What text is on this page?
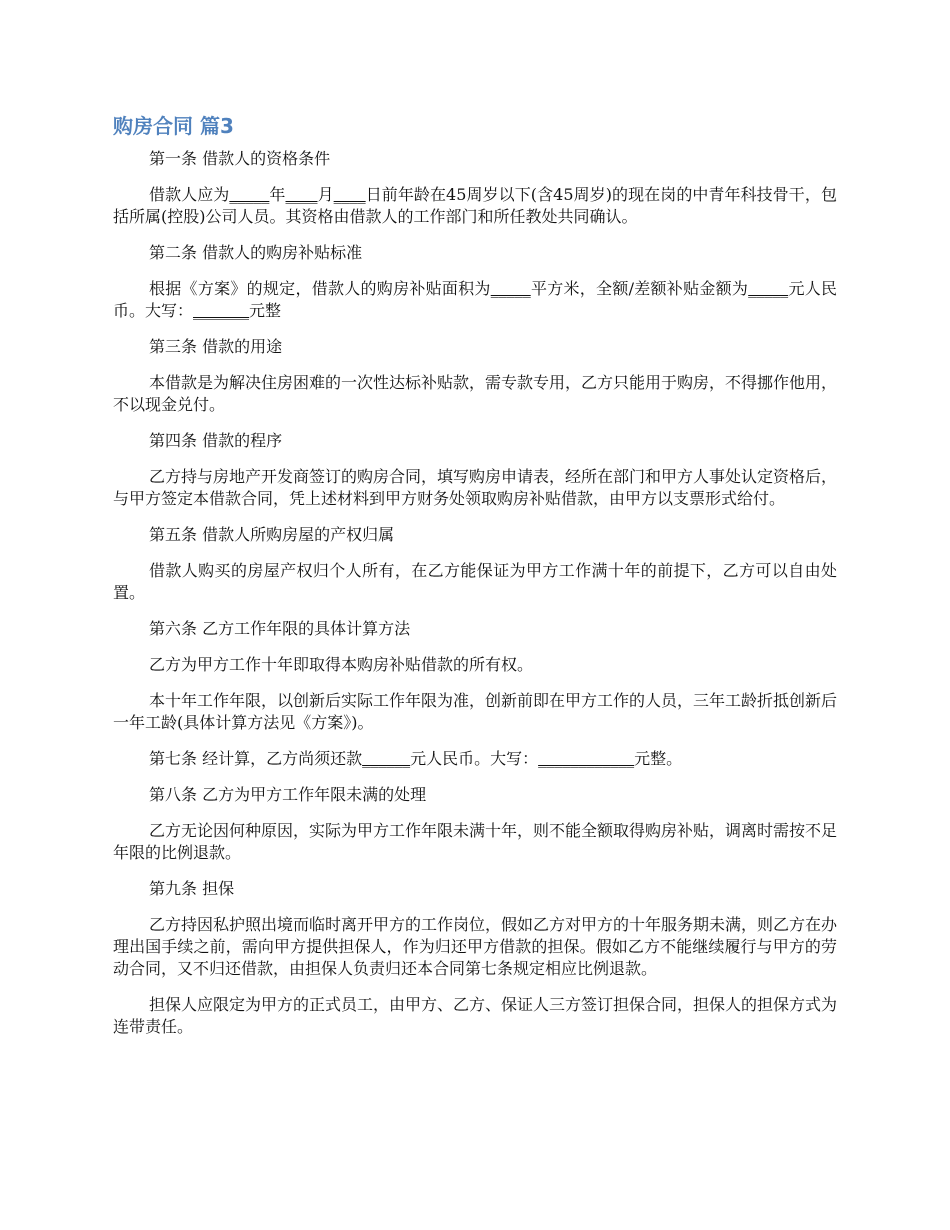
购房合同 篇3

第一条 借款人的资格条件

借款人应为_____年____月____日前年龄在45周岁以下(含45周岁)的现在岗的中青年科技骨干，包括所属(控股)公司人员。其资格由借款人的工作部门和所任教处共同确认。

第二条 借款人的购房补贴标准

根据《方案》的规定，借款人的购房补贴面积为_____平方米，全额/差额补贴金额为_____元人民币。大写：_______元整

第三条 借款的用途

本借款是为解决住房困难的一次性达标补贴款，需专款专用，乙方只能用于购房，不得挪作他用，不以现金兑付。

第四条 借款的程序

乙方持与房地产开发商签订的购房合同，填写购房申请表，经所在部门和甲方人事处认定资格后，与甲方签定本借款合同，凭上述材料到甲方财务处领取购房补贴借款，由甲方以支票形式给付。

第五条 借款人所购房屋的产权归属

借款人购买的房屋产权归个人所有，在乙方能保证为甲方工作满十年的前提下，乙方可以自由处置。

第六条 乙方工作年限的具体计算方法

乙方为甲方工作十年即取得本购房补贴借款的所有权。

本十年工作年限，以创新后实际工作年限为准，创新前即在甲方工作的人员，三年工龄折抵创新后一年工龄(具体计算方法见《方案》)。

第七条 经计算，乙方尚须还款______元人民币。大写：____________元整。

第八条 乙方为甲方工作年限未满的处理

乙方无论因何种原因，实际为甲方工作年限未满十年，则不能全额取得购房补贴，调离时需按不足年限的比例退款。

第九条 担保

乙方持因私护照出境而临时离开甲方的工作岗位，假如乙方对甲方的十年服务期未满，则乙方在办理出国手续之前，需向甲方提供担保人，作为归还甲方借款的担保。假如乙方不能继续履行与甲方的劳动合同，又不归还借款，由担保人负责归还本合同第七条规定相应比例退款。

担保人应限定为甲方的正式员工，由甲方、乙方、保证人三方签订担保合同，担保人的担保方式为连带责任。
